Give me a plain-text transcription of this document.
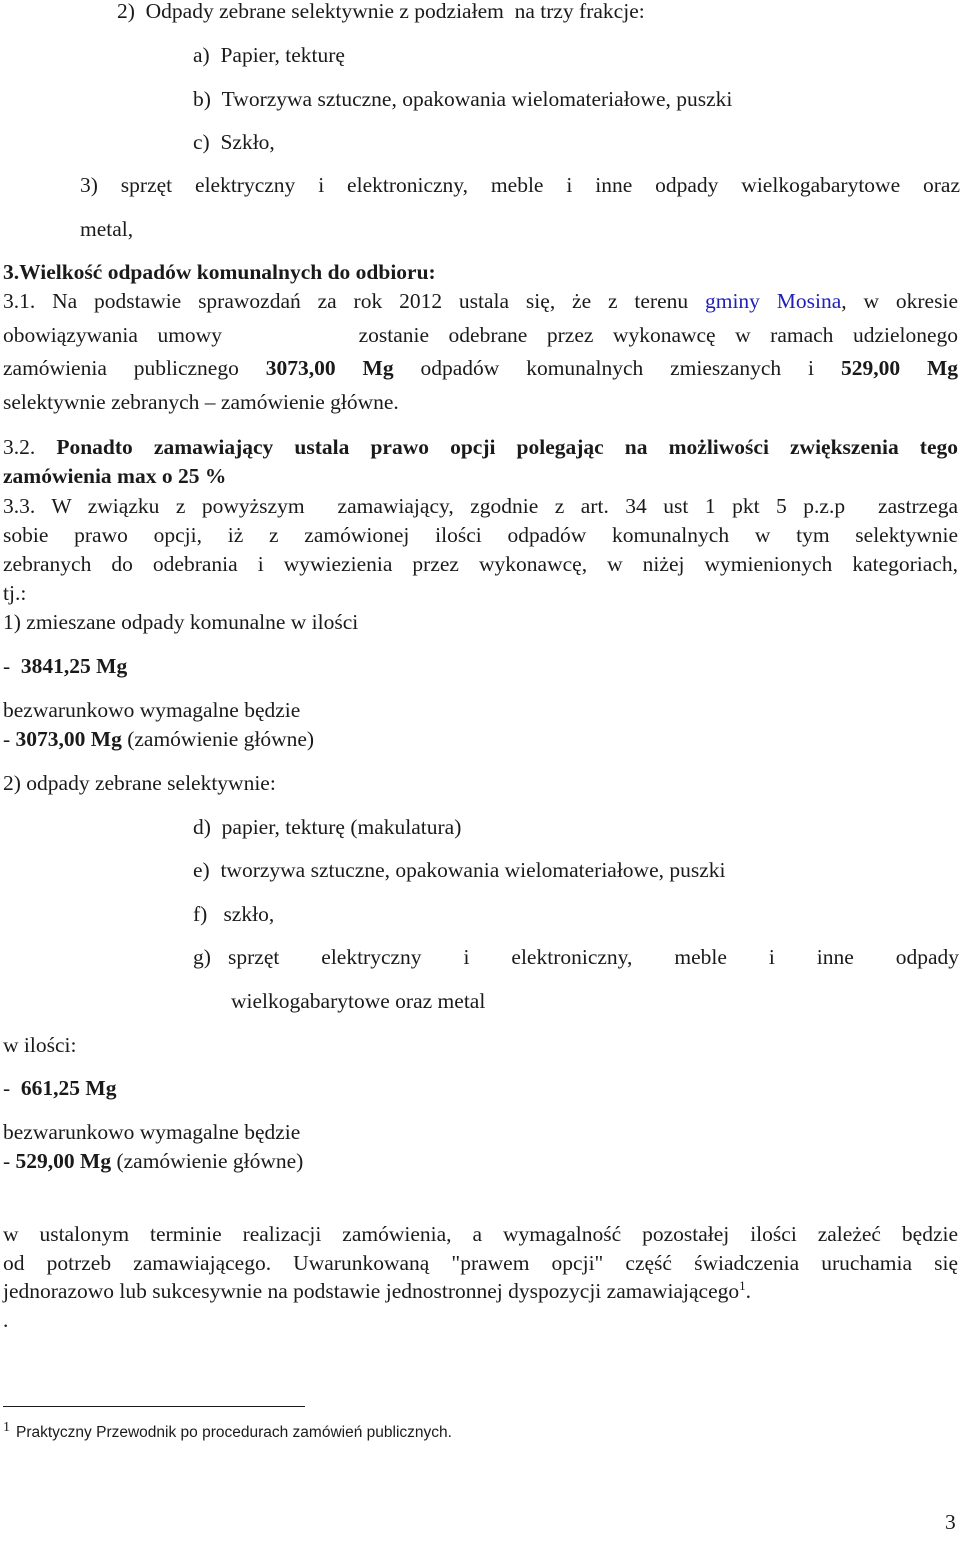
2)  Odpady zebrane selektywnie z podziałem  na trzy frakcje:
a)  Papier, tekturę
b)  Tworzywa sztuczne, opakowania wielomateriałowe, puszki
c)  Szkło,
3) sprzęt elektryczny i elektroniczny, meble i inne odpady wielkogabarytowe oraz
metal,
3.Wielkość odpadów komunalnych do odbioru:
3.1. Na podstawie sprawozdań za rok 2012 ustala się, że z terenu gminy Mosina, w okresie
obowiązywania umowy	zostanie odebrane przez wykonawcę w ramach udzielonego
zamówienia publicznego 3073,00 Mg odpadów komunalnych zmieszanych i 529,00 Mg
selektywnie zebranych – zamówienie główne.
3.2. Ponadto zamawiający ustala prawo opcji polegając na możliwości zwiększenia tego
zamówienia max o 25 %
3.3. W związku z powyższym  zamawiający, zgodnie z art. 34 ust 1 pkt 5 p.z.p  zastrzega
sobie prawo opcji, iż z zamówionej ilości odpadów komunalnych w tym selektywnie
zebranych do odebrania i wywiezienia przez wykonawcę, w niżej wymienionych kategoriach,
tj.:
1) zmieszane odpady komunalne w ilości
-  3841,25 Mg
bezwarunkowo wymagalne będzie
- 3073,00 Mg (zamówienie główne)
2) odpady zebrane selektywnie:
d)  papier, tekturę (makulatura)
e)  tworzywa sztuczne, opakowania wielomateriałowe, puszki
f)   szkło,
g) sprzęt elektryczny i elektroniczny, meble i inne odpady
wielkogabarytowe oraz metal
w ilości:
-  661,25 Mg
bezwarunkowo wymagalne będzie
- 529,00 Mg (zamówienie główne)
w ustalonym terminie realizacji zamówienia, a wymagalność pozostałej ilości zależeć będzie
od potrzeb zamawiającego. Uwarunkowaną "prawem opcji" część świadczenia uruchamia się
jednorazowo lub sukcesywnie na podstawie jednostronnej dyspozycji zamawiającego$^1$.
.
1 Praktyczny Przewodnik po procedurach zamówień publicznych.
3
